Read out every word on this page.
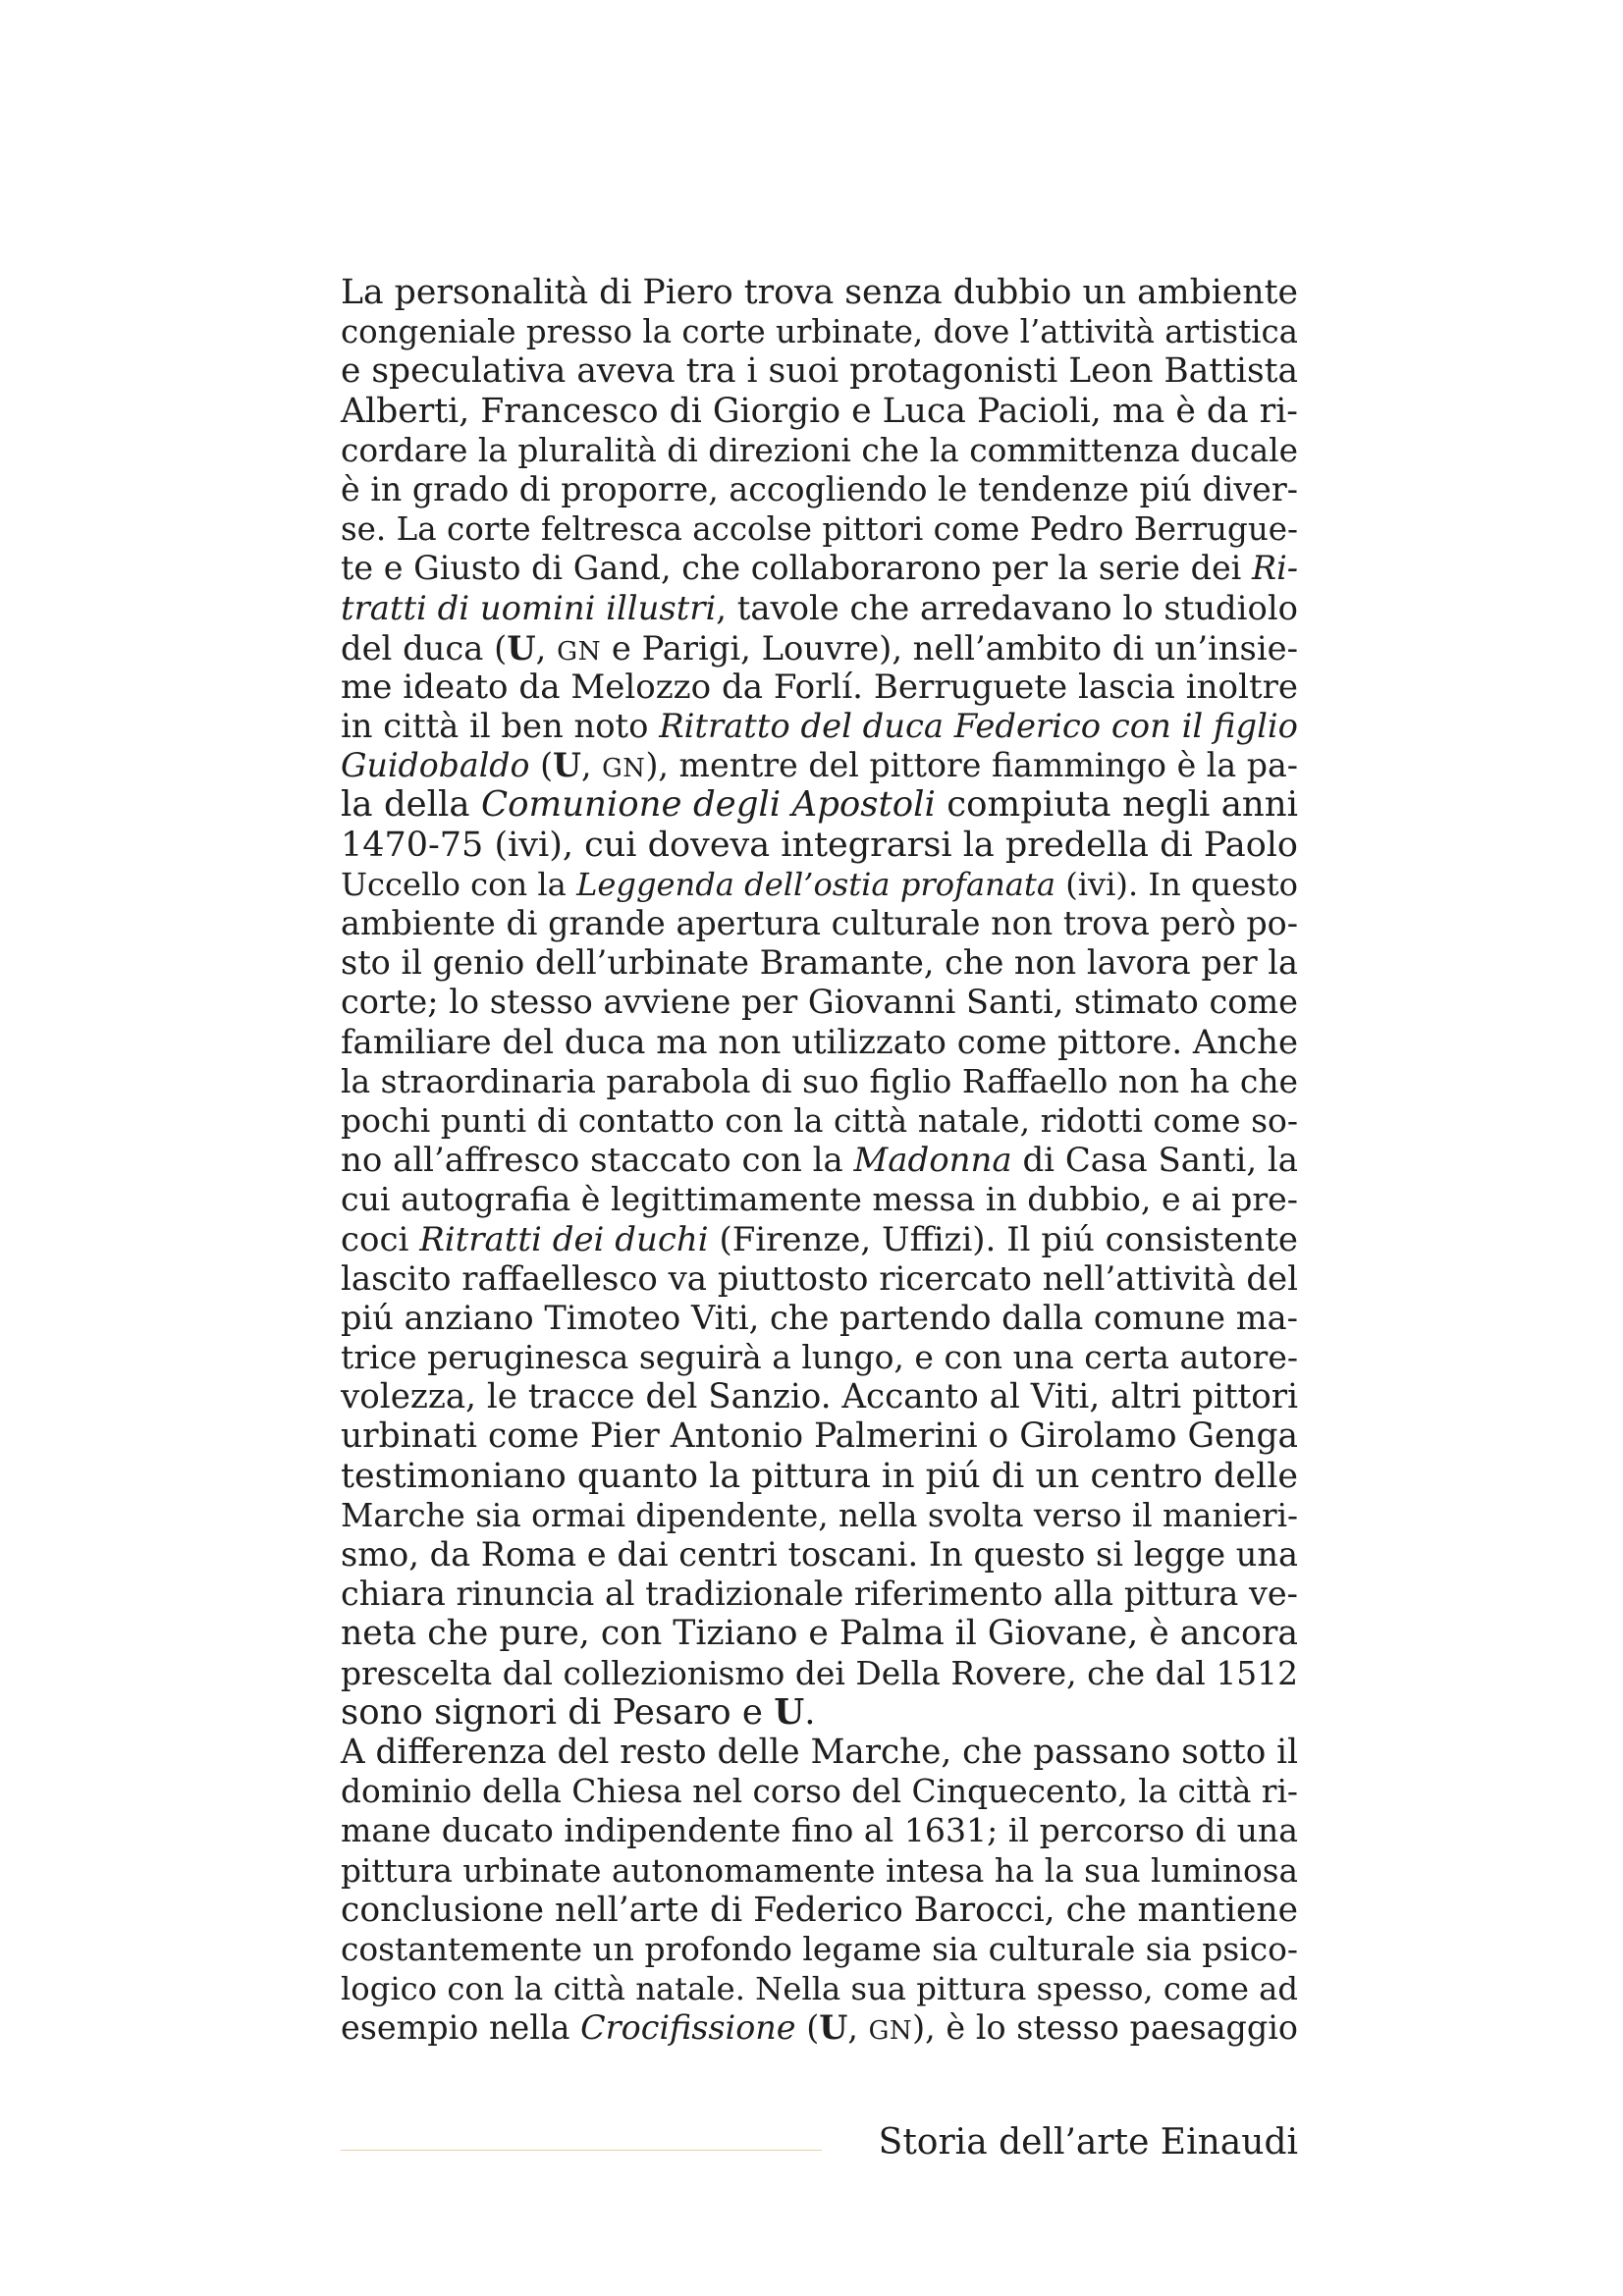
La personalità di Piero trova senza dubbio un ambiente
congeniale presso la corte urbinate, dove l’attività artistica
e speculativa aveva tra i suoi protagonisti Leon Battista
Alberti, Francesco di Giorgio e Luca Pacioli, ma è da ri-
cordare la pluralità di direzioni che la committenza ducale
è in grado di proporre, accogliendo le tendenze piú diver-
se. La corte feltresca accolse pittori come Pedro Berrugue-
te e Giusto di Gand, che collaborarono per la serie dei Ri-
tratti di uomini illustri, tavole che arredavano lo studiolo
del duca (U, GN e Parigi, Louvre), nell’ambito di un’insie-
me ideato da Melozzo da Forlí. Berruguete lascia inoltre
in città il ben noto Ritratto del duca Federico con il figlio
Guidobaldo (U, GN), mentre del pittore fiammingo è la pa-
la della Comunione degli Apostoli compiuta negli anni
1470-75 (ivi), cui doveva integrarsi la predella di Paolo
Uccello con la Leggenda dell’ostia profanata (ivi). In questo
ambiente di grande apertura culturale non trova però po-
sto il genio dell’urbinate Bramante, che non lavora per la
corte; lo stesso avviene per Giovanni Santi, stimato come
familiare del duca ma non utilizzato come pittore. Anche
la straordinaria parabola di suo figlio Raffaello non ha che
pochi punti di contatto con la città natale, ridotti come so-
no all’affresco staccato con la Madonna di Casa Santi, la
cui autografia è legittimamente messa in dubbio, e ai pre-
coci Ritratti dei duchi (Firenze, Uffizi). Il piú consistente
lascito raffaellesco va piuttosto ricercato nell’attività del
piú anziano Timoteo Viti, che partendo dalla comune ma-
trice peruginesca seguirà a lungo, e con una certa autore-
volezza, le tracce del Sanzio. Accanto al Viti, altri pittori
urbinati come Pier Antonio Palmerini o Girolamo Genga
testimoniano quanto la pittura in piú di un centro delle
Marche sia ormai dipendente, nella svolta verso il manieri-
smo, da Roma e dai centri toscani. In questo si legge una
chiara rinuncia al tradizionale riferimento alla pittura ve-
neta che pure, con Tiziano e Palma il Giovane, è ancora
prescelta dal collezionismo dei Della Rovere, che dal 1512
sono signori di Pesaro e U.
A differenza del resto delle Marche, che passano sotto il
dominio della Chiesa nel corso del Cinquecento, la città ri-
mane ducato indipendente fino al 1631; il percorso di una
pittura urbinate autonomamente intesa ha la sua luminosa
conclusione nell’arte di Federico Barocci, che mantiene
costantemente un profondo legame sia culturale sia psico-
logico con la città natale. Nella sua pittura spesso, come ad
esempio nella Crocifissione (U, GN), è lo stesso paesaggio
Storia dell’arte Einaudi
